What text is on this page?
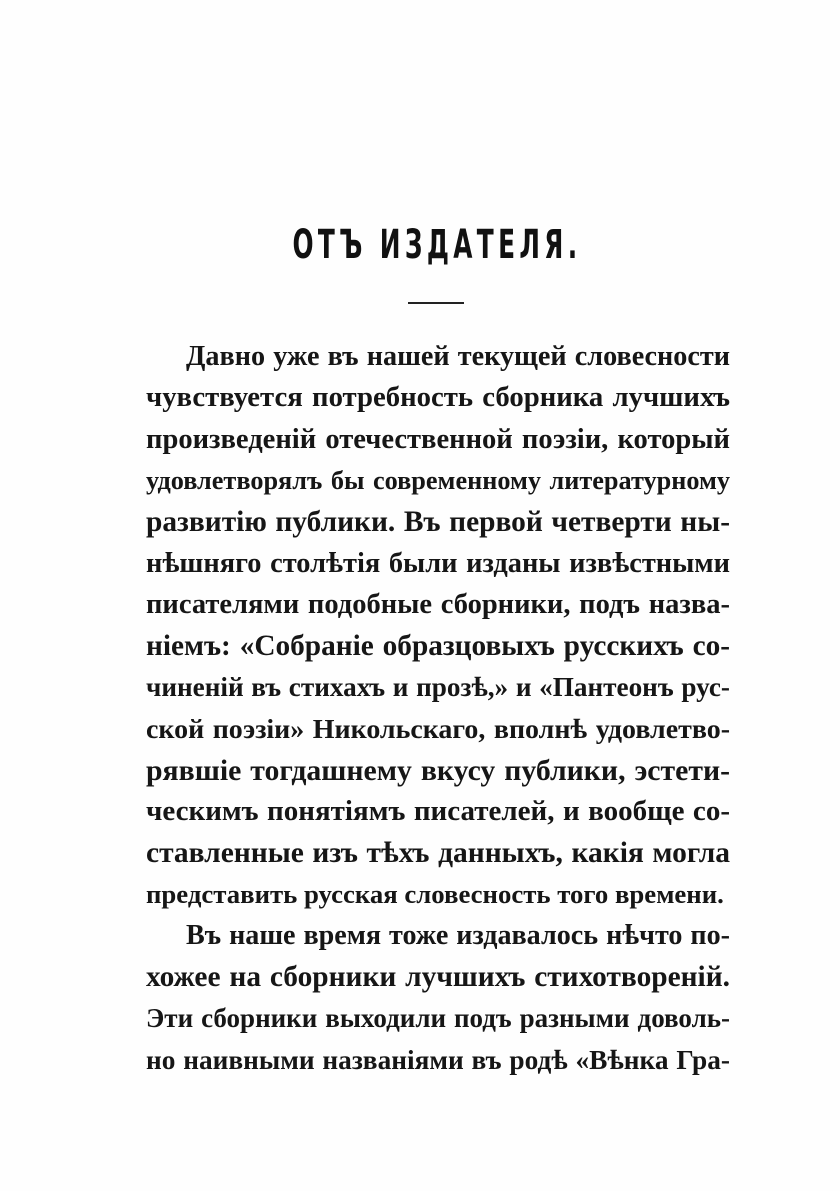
ОТЪ ИЗДАТЕЛЯ.
Давно уже въ нашей текущей словесности
чувствуется потребность сборника лучшихъ
произведенiй отечественной поэзiи, который
удовлетворялъ бы современному литературному
развитiю публики. Въ первой четверти ны-
нѣшняго столѣтiя были изданы извѣстными
писателями подобные сборники, подъ назва-
нiемъ: «Собранiе образцовыхъ русскихъ со-
чиненiй въ стихахъ и прозѣ,» и «Пантеонъ рус-
ской поэзiи» Никольскаго, вполнѣ удовлетво-
рявшiе тогдашнему вкусу публики, эстети-
ческимъ понятiямъ писателей, и вообще со-
ставленные изъ тѣхъ данныхъ, какiя могла
представить русская словесность того времени.
Въ наше время тоже издавалось нѣчто по-
хожее на сборники лучшихъ стихотворенiй.
Эти сборники выходили подъ разными доволь-
но наивными названiями въ родѣ «Вѣнка Гра-
